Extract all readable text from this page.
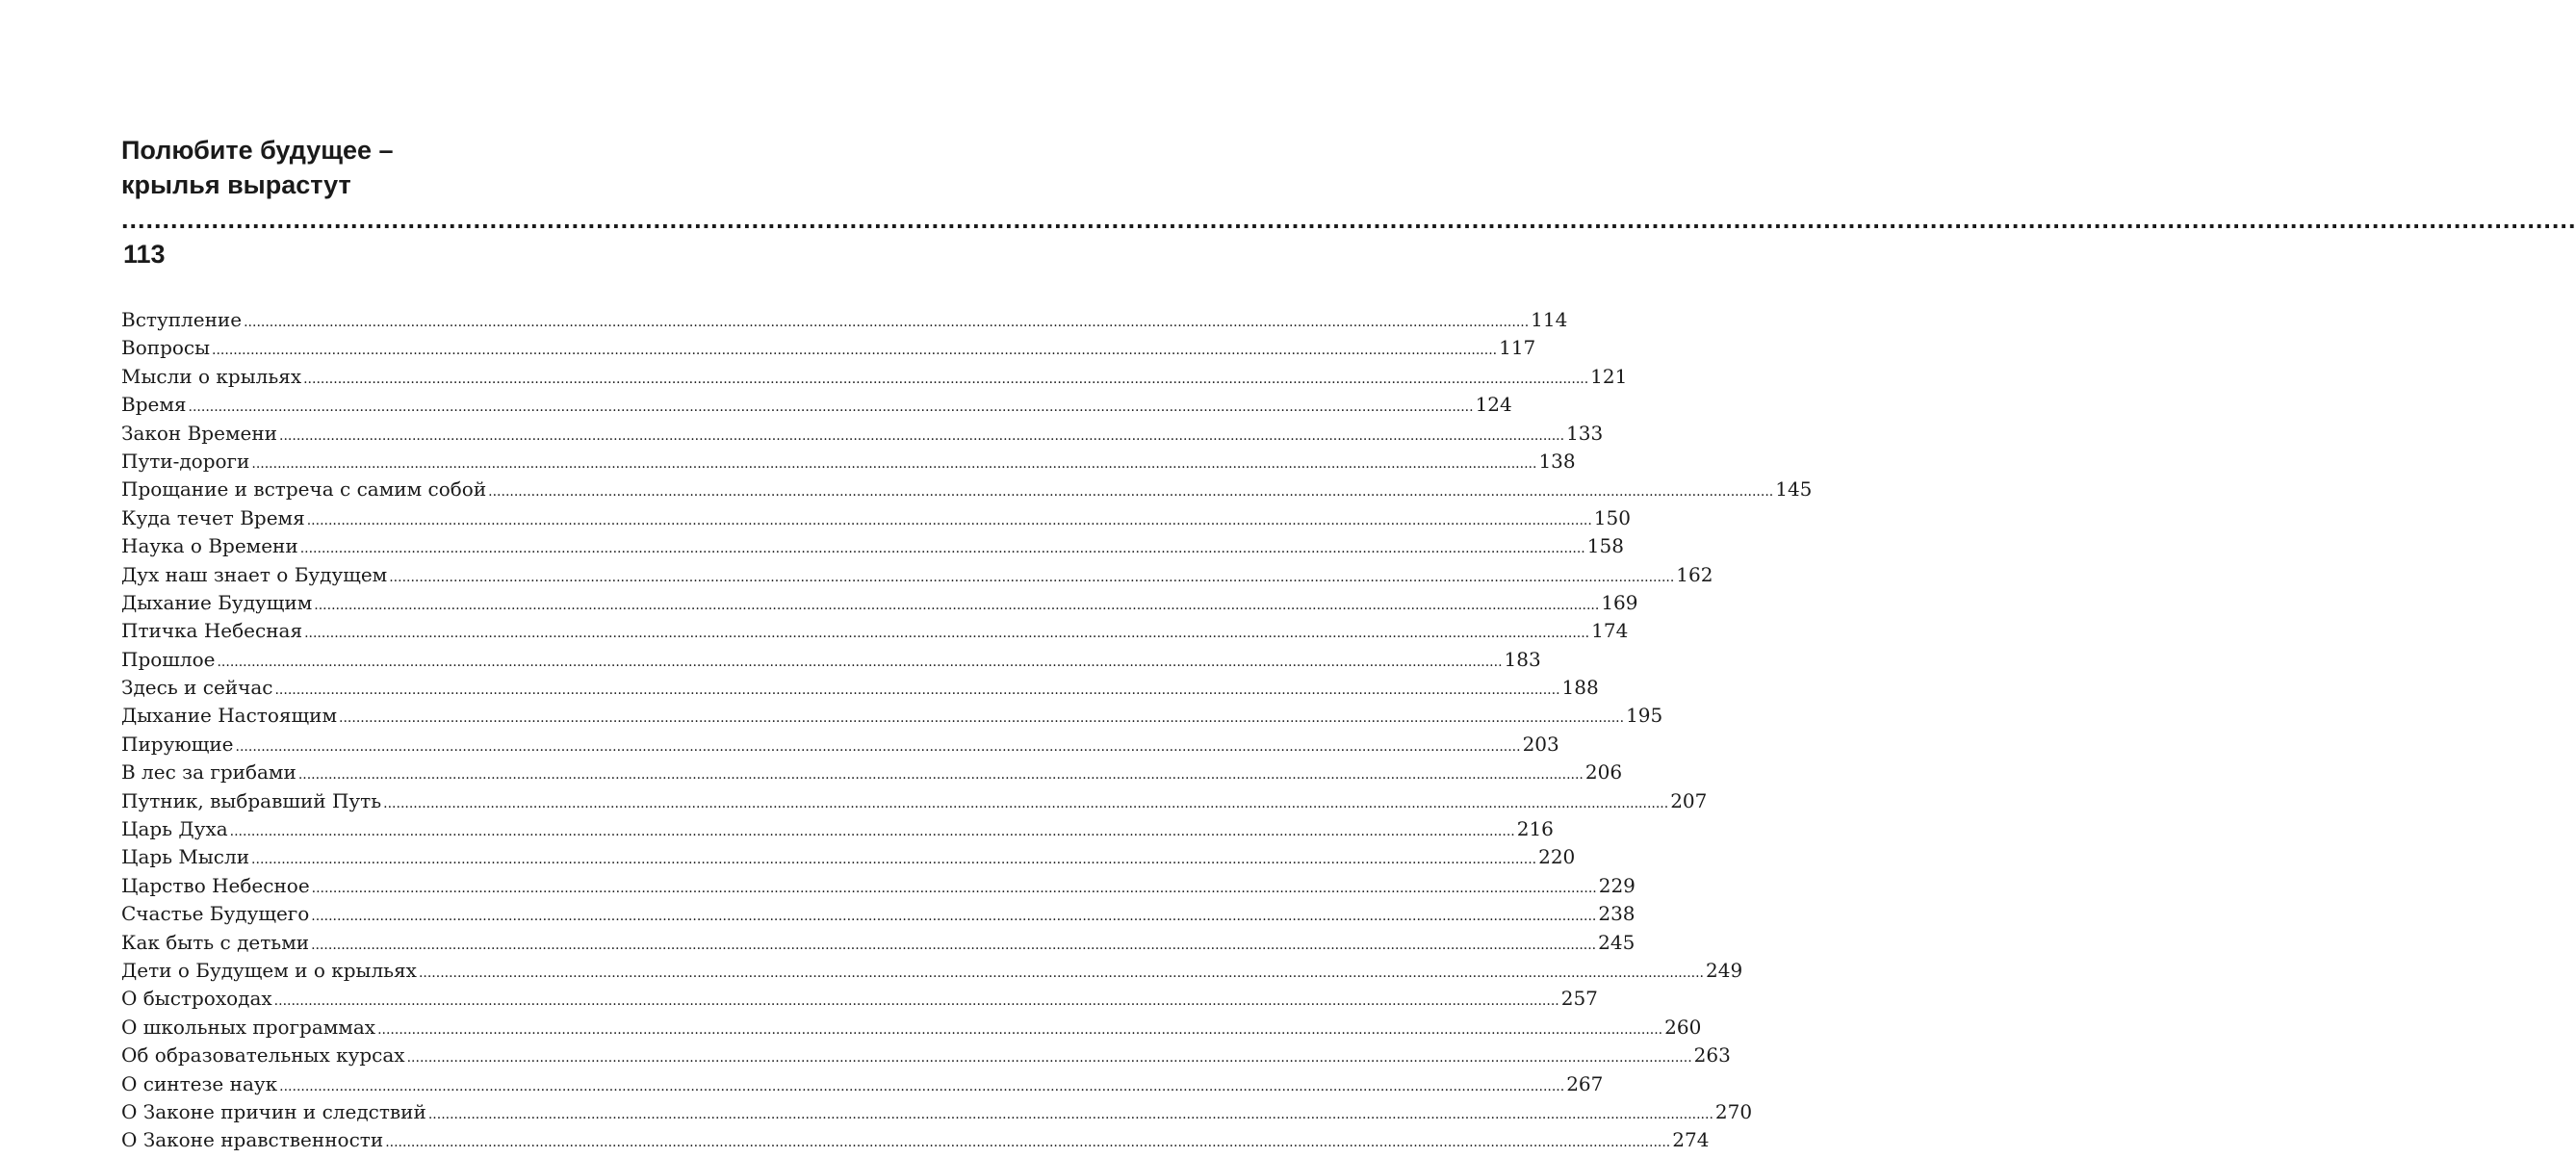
Полюбите будущее –
крылья вырастут ............................................................................................................................................................................................................................................................................................................ 113
Вступление ............................................................................................................................................................................................................................................................................................................ 114
Вопросы ............................................................................................................................................................................................................................................................................................................ 117
Мысли о крыльях ............................................................................................................................................................................................................................................................................................................ 121
Время ............................................................................................................................................................................................................................................................................................................ 124
Закон Времени ............................................................................................................................................................................................................................................................................................................ 133
Пути-дороги ............................................................................................................................................................................................................................................................................................................ 138
Прощание и встреча с самим собой ............................................................................................................................................................................................................................................................................................................ 145
Куда течет Время ............................................................................................................................................................................................................................................................................................................ 150
Наука о Времени ............................................................................................................................................................................................................................................................................................................ 158
Дух наш знает о Будущем ............................................................................................................................................................................................................................................................................................................ 162
Дыхание Будущим ............................................................................................................................................................................................................................................................................................................ 169
Птичка Небесная ............................................................................................................................................................................................................................................................................................................ 174
Прошлое ............................................................................................................................................................................................................................................................................................................ 183
Здесь и сейчас ............................................................................................................................................................................................................................................................................................................ 188
Дыхание Настоящим ............................................................................................................................................................................................................................................................................................................ 195
Пирующие ............................................................................................................................................................................................................................................................................................................ 203
В лес за грибами ............................................................................................................................................................................................................................................................................................................ 206
Путник, выбравший Путь ............................................................................................................................................................................................................................................................................................................ 207
Царь Духа ............................................................................................................................................................................................................................................................................................................ 216
Царь Мысли ............................................................................................................................................................................................................................................................................................................ 220
Царство Небесное ............................................................................................................................................................................................................................................................................................................ 229
Счастье Будущего ............................................................................................................................................................................................................................................................................................................ 238
Как быть с детьми ............................................................................................................................................................................................................................................................................................................ 245
Дети о Будущем и о крыльях ............................................................................................................................................................................................................................................................................................................ 249
О быстроходах ............................................................................................................................................................................................................................................................................................................ 257
О школьных программах ............................................................................................................................................................................................................................................................................................................ 260
Об образовательных курсах ............................................................................................................................................................................................................................................................................................................ 263
О синтезе наук ............................................................................................................................................................................................................................................................................................................ 267
О Законе причин и следствий ............................................................................................................................................................................................................................................................................................................ 270
О Законе нравственности ............................................................................................................................................................................................................................................................................................................ 274
